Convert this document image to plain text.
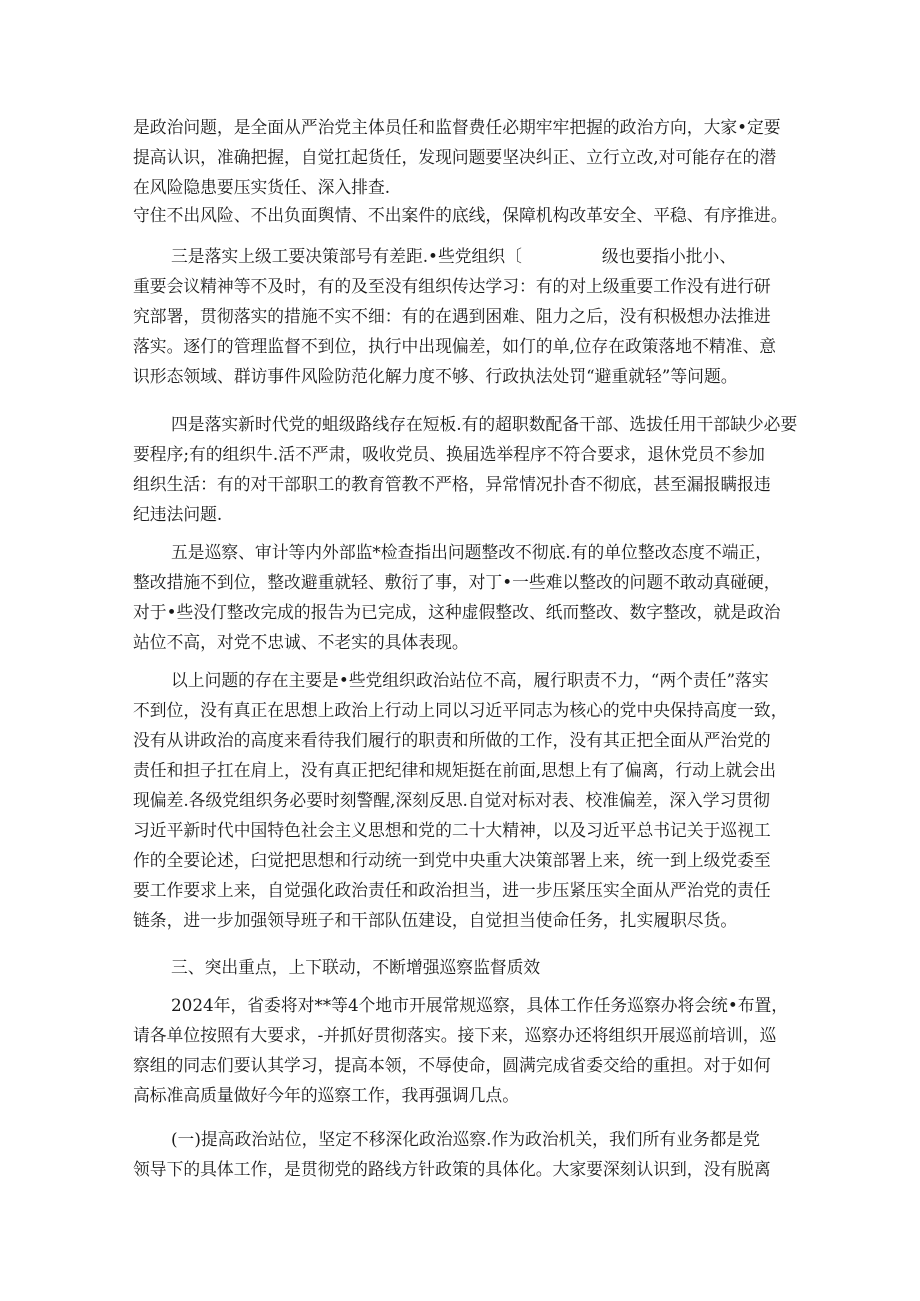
是政治问题，是全面从严治党主体员任和监督费任必期牢牢把握的政治方向，大家•定要
提高认识，准确把握，自觉扛起货任，发现问题要坚决纠正、立行立改,对可能存在的潜
在风险隐患要压实货任、深入排查.
守住不出风险、不出负面舆情、不出案件的底线，保障机构改革安全、平稳、有序推进。
三是落实上级工要决策部号有差距.•些党组织〔	级也要指小批小、
重要会议精神等不及时，有的及至没有组织传达学习：有的对上级重要工作没有进行研
究部署，贯彻落实的措施不实不细：有的在遇到困难、阻力之后，没有积极想办法推进
落实。逐仃的管理监督不到位，执行中出现偏差，如仃的单,位存在政策落地不精准、意
识形态领域、群访事件风险防范化解力度不够、行政执法处罚“避重就轻”等问题。
四是落实新时代党的蛆级路线存在短板.有的超职数配备干部、选拔任用干部缺少必要
要程序;有的组织牛.活不严肃，吸收党员、换届选举程序不符合要求，退休党员不参加
组织生活：有的对干部职工的教育管教不严格，异常情况扑杳不彻底，甚至漏报瞒报违
纪违法问题.
五是巡察、审计等内外部监*检查指出问题整改不彻底.有的单位整改态度不端正，
整改措施不到位，整改避重就轻、敷衍了事，对丁•一些难以整改的问题不敢动真碰硬，
对于•些没仃整改完成的报告为已完成，这种虚假整改、纸而整改、数字整改，就是政治
站位不高，对党不忠诚、不老实的具体表现。
以上问题的存在主要是•些党组织政治站位不高，履行职责不力，“两个责任”落实
不到位，没有真正在思想上政治上行动上同以习近平同志为核心的党中央保持高度一致，
没有从讲政治的高度来看待我们履行的职责和所做的工作，没有其正把全面从严治党的
责任和担子扛在肩上，没有真正把纪律和规矩挺在前面,思想上有了偏离，行动上就会出
现偏差.各级党组织务必要时刻警醒,深刻反思.自觉对标对表、校准偏差，深入学习贯彻
习近平新时代中国特色社会主义思想和党的二十大精神，以及习近平总书记关于巡视工
作的全要论述，臼觉把思想和行动统一到党中央重大决策部署上来，统一到上级党委至
要工作要求上来，自觉强化政治责任和政治担当，进一步压紧压实全面从严治党的责任
链条，进一步加强领导班子和干部队伍建设，自觉担当使命任务，扎实履职尽货。
三、突出重点，上下联动，不断增强巡察监督质效
2024年，省委将对**等4个地市开展常规巡察，具体工作任务巡察办将会统•布置，
请各单位按照有大要求，-并抓好贯彻落实。接下来，巡察办还将组织开展巡前培训，巡
察组的同志们要认其学习，提高本领，不辱使命，圆满完成省委交给的重担。对于如何
高标准高质量做好今年的巡察工作，我再强调几点。
(一)提高政治站位，坚定不移深化政治巡察.作为政治机关，我们所有业务都是党
领导下的具体工作，是贯彻党的路线方针政策的具体化。大家要深刻认识到，没有脱离
